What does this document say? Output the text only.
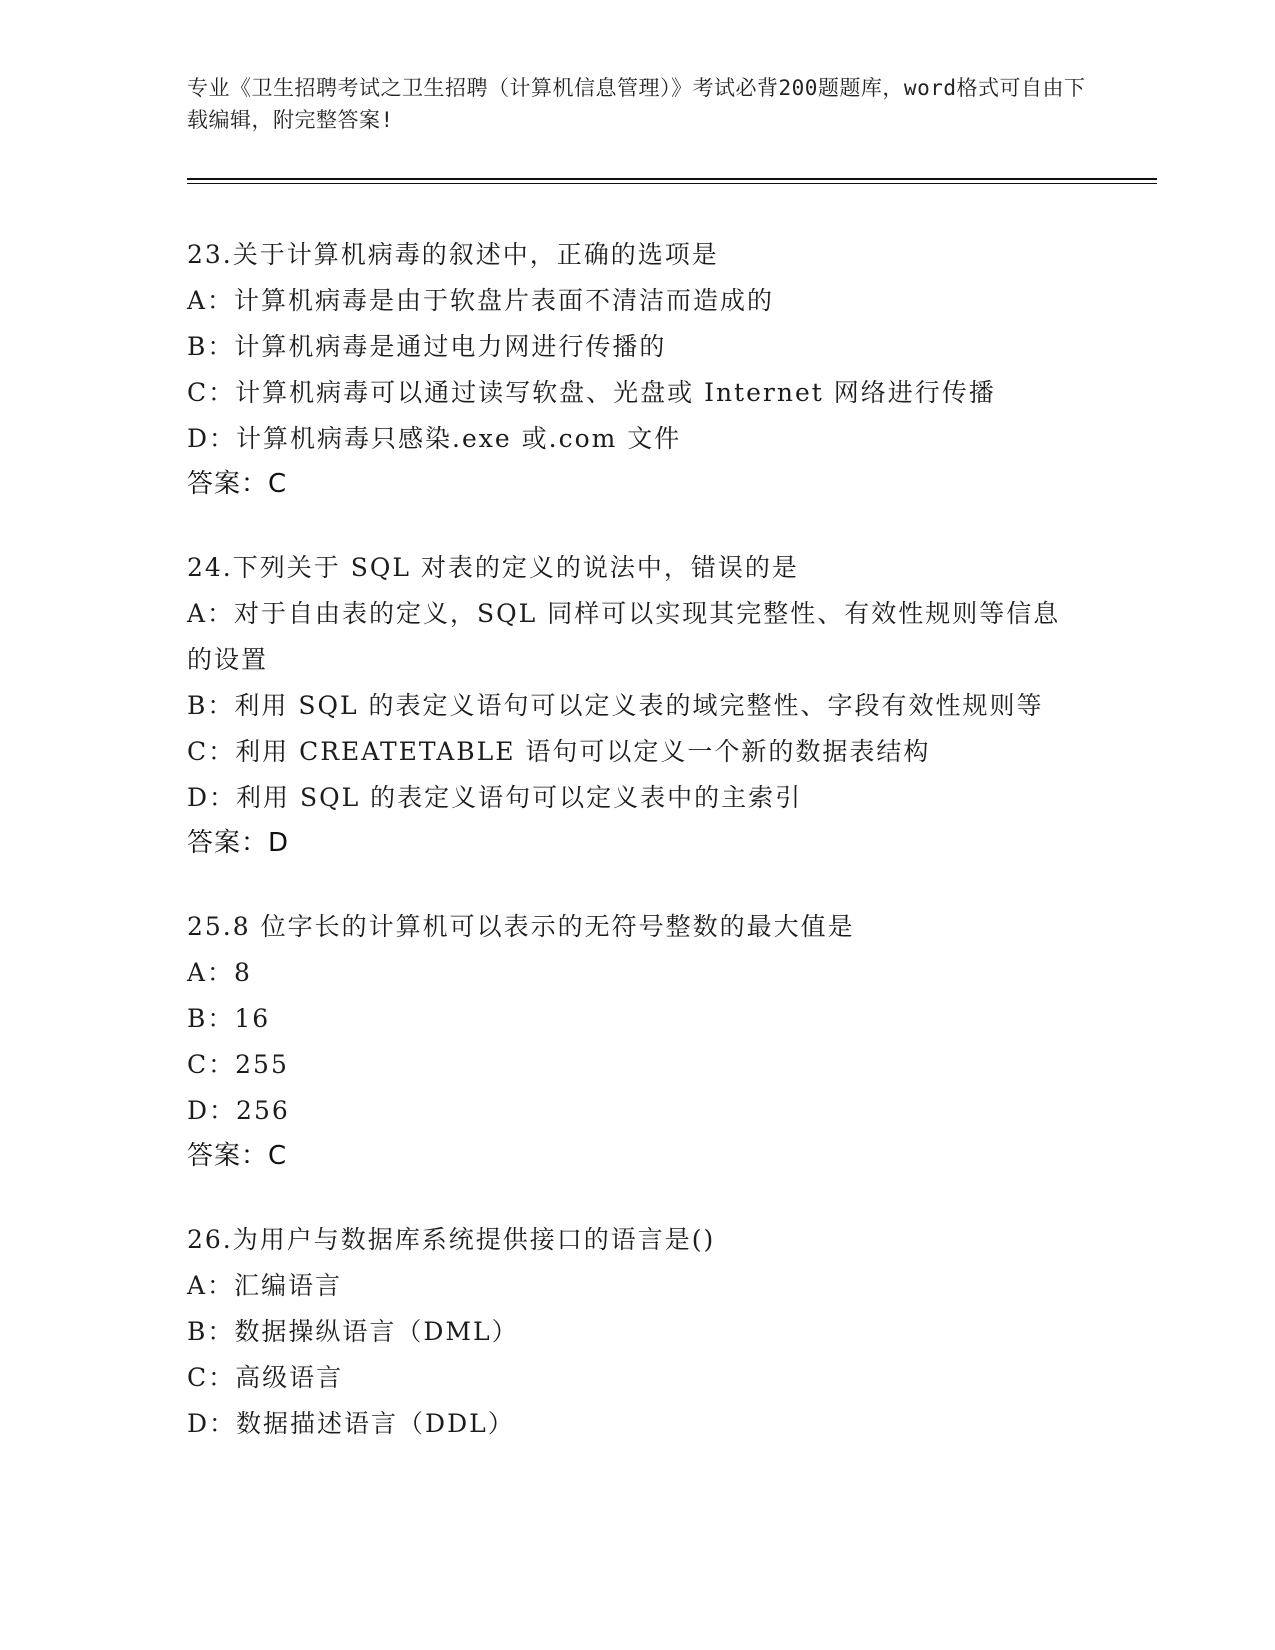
专业《卫生招聘考试之卫生招聘（计算机信息管理）》考试必背200题题库，word格式可自由下载编辑，附完整答案!
23.关于计算机病毒的叙述中，正确的选项是
A：计算机病毒是由于软盘片表面不清洁而造成的
B：计算机病毒是通过电力网进行传播的
C：计算机病毒可以通过读写软盘、光盘或 Internet 网络进行传播
D：计算机病毒只感染.exe 或.com 文件
答案：C
24.下列关于 SQL 对表的定义的说法中，错误的是
A：对于自由表的定义，SQL 同样可以实现其完整性、有效性规则等信息的设置
B：利用 SQL 的表定义语句可以定义表的域完整性、字段有效性规则等
C：利用 CREATETABLE 语句可以定义一个新的数据表结构
D：利用 SQL 的表定义语句可以定义表中的主索引
答案：D
25.8 位字长的计算机可以表示的无符号整数的最大值是
A：8
B：16
C：255
D：256
答案：C
26.为用户与数据库系统提供接口的语言是()
A：汇编语言
B：数据操纵语言（DML）
C：高级语言
D：数据描述语言（DDL）
